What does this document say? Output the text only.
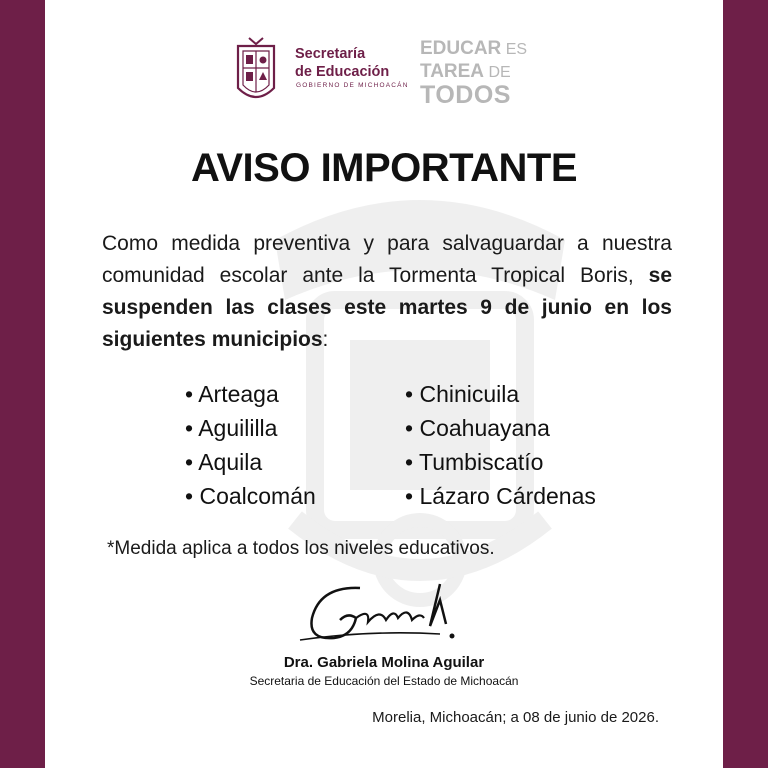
Secretaría
de Educación
GOBIERNO DE MICHOACÁN
EDUCAR ES
TAREA DE
TODOS
AVISO IMPORTANTE
Como medida preventiva y para salvaguardar a nuestra comunidad escolar ante la Tormenta Tropical Boris, se suspenden las clases este martes 9 de junio en los siguientes municipios:
• Arteaga
• Aguililla
• Aquila
• Coalcomán
• Chinicuila
• Coahuayana
• Tumbiscatío
• Lázaro Cárdenas
*Medida aplica a todos los niveles educativos.
Dra. Gabriela Molina Aguilar
Secretaria de Educación del Estado de Michoacán
Morelia, Michoacán; a 08 de junio de 2026.
